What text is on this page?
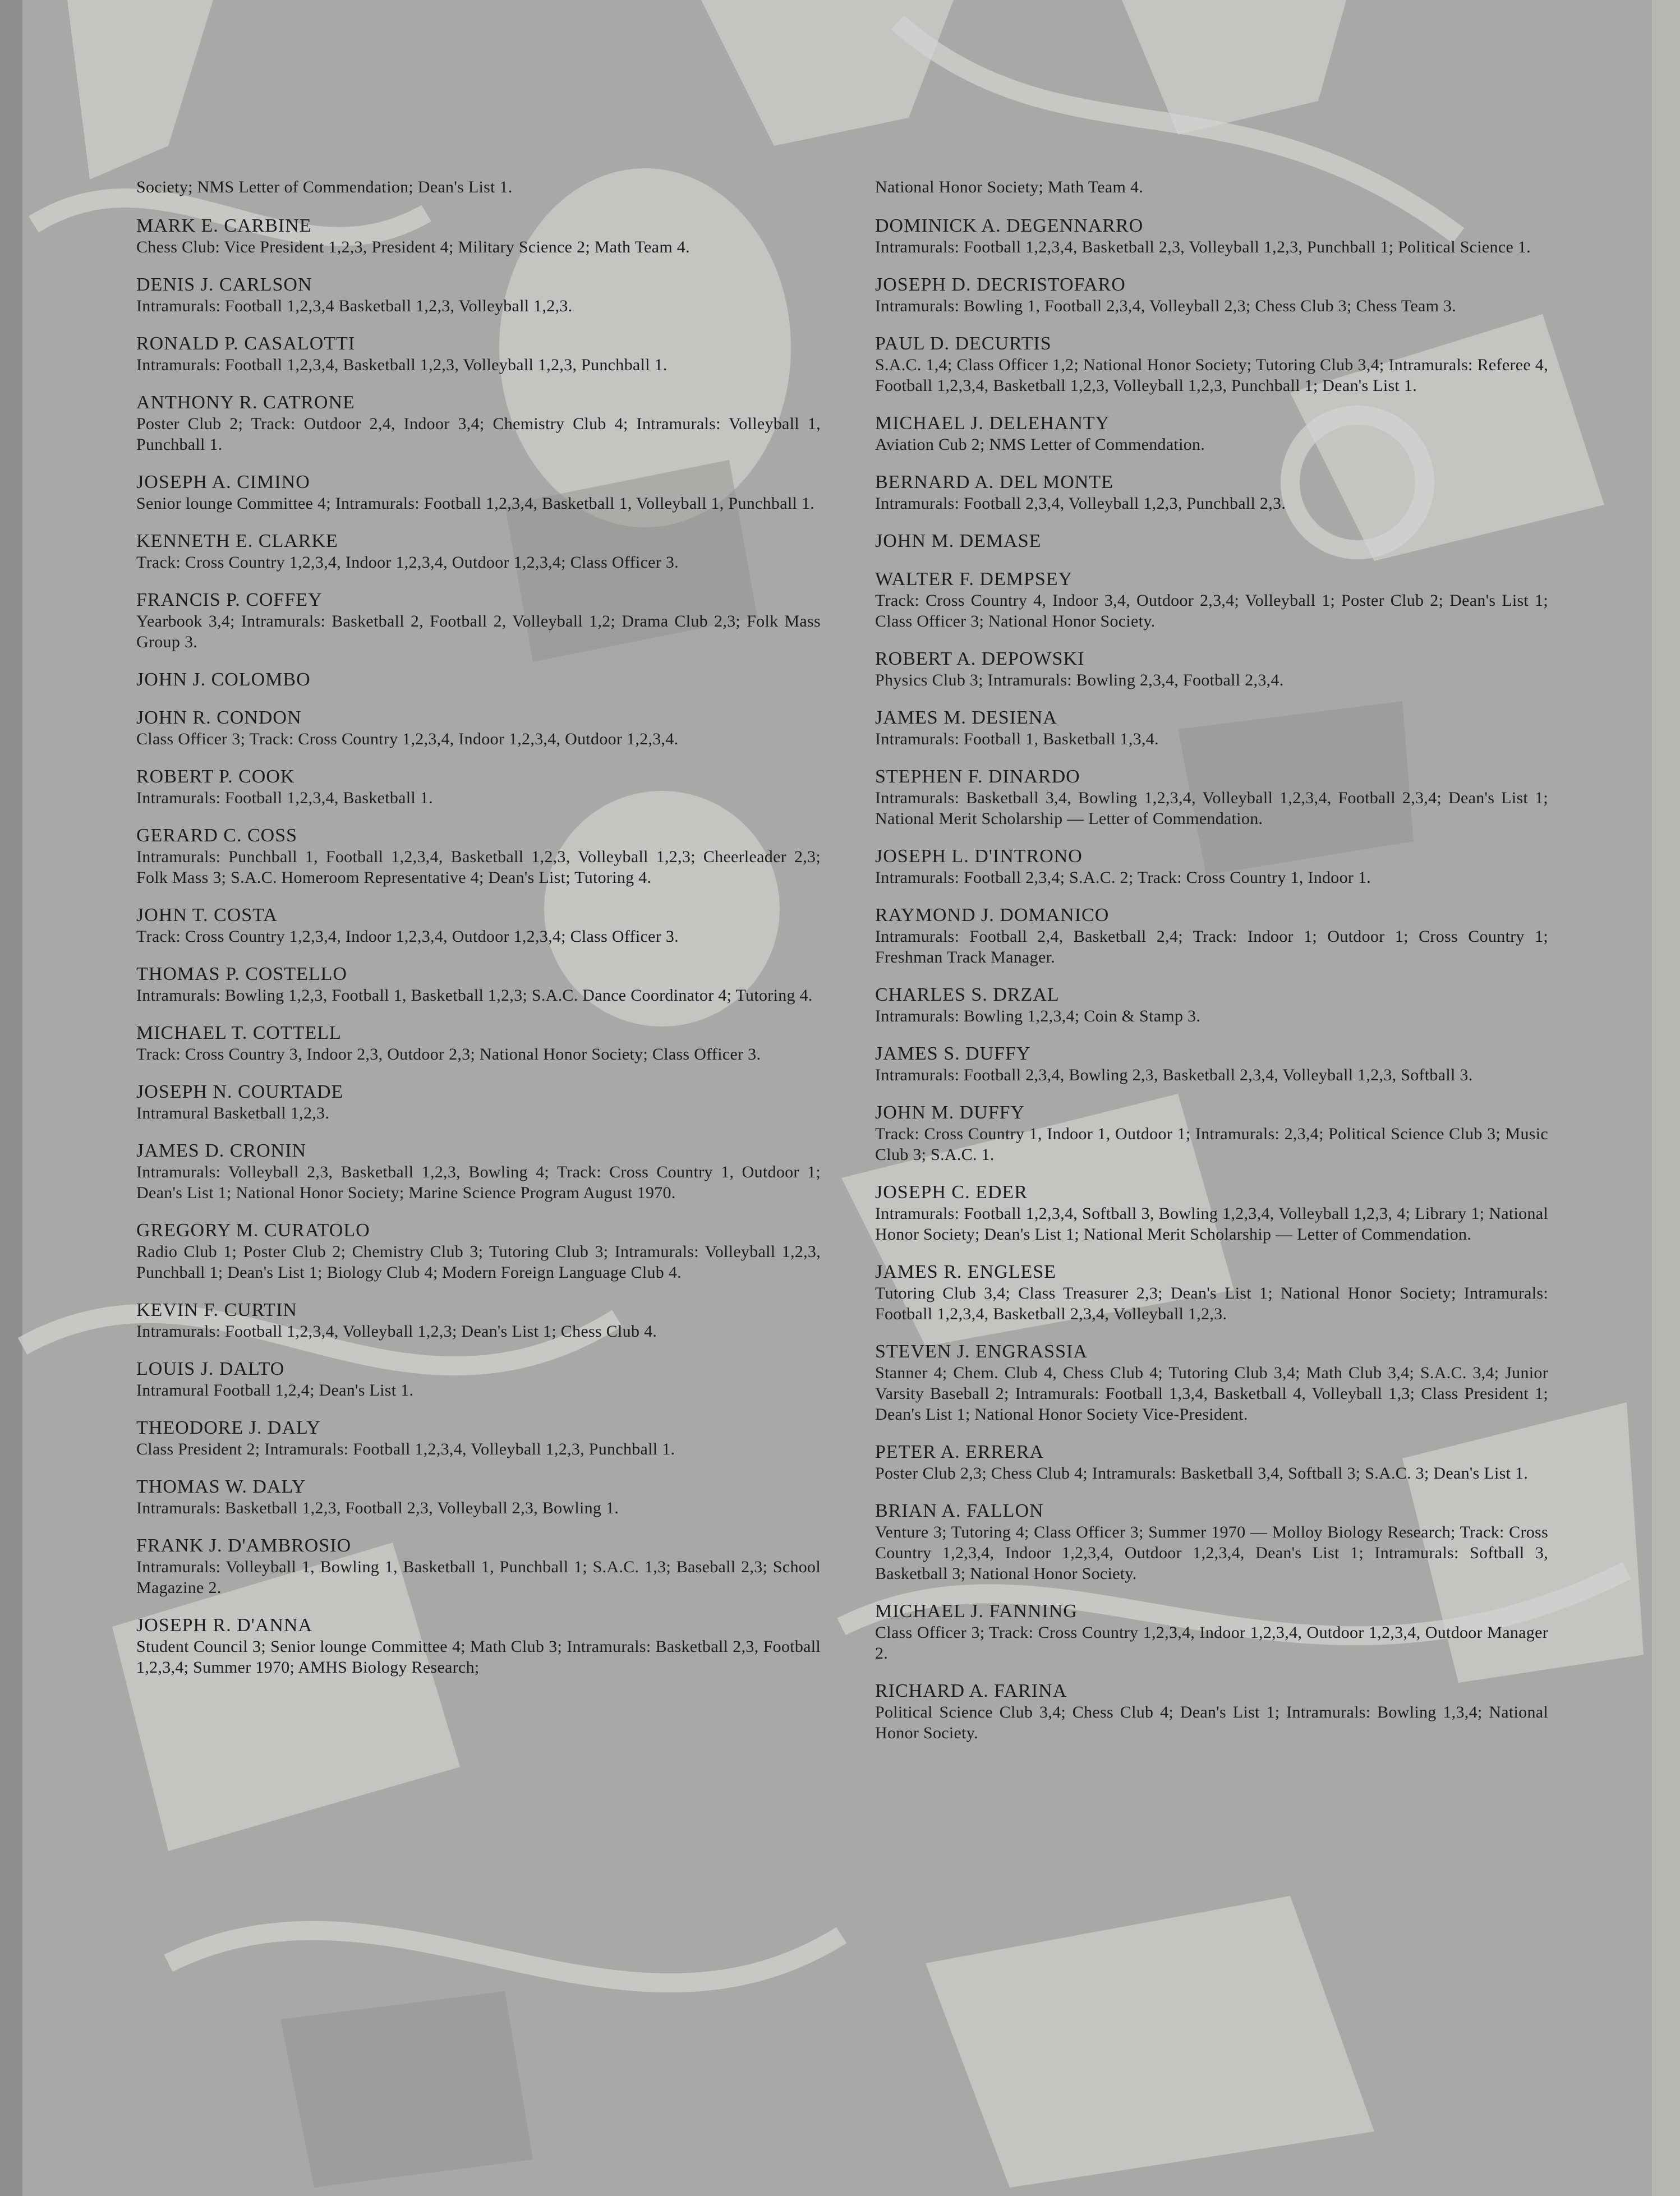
Society; NMS Letter of Commendation; Dean's List 1.
MARK E. CARBINE
Chess Club: Vice President 1,2,3, President 4; Military Science 2; Math Team 4.
DENIS J. CARLSON
Intramurals: Football 1,2,3,4 Basketball 1,2,3, Volleyball 1,2,3.
RONALD P. CASALOTTI
Intramurals: Football 1,2,3,4, Basketball 1,2,3, Volleyball 1,2,3, Punchball 1.
ANTHONY R. CATRONE
Poster Club 2; Track: Outdoor 2,4, Indoor 3,4; Chemistry Club 4; Intramurals: Volleyball 1, Punchball 1.
JOSEPH A. CIMINO
Senior lounge Committee 4; Intramurals: Football 1,2,3,4, Basketball 1, Volleyball 1, Punchball 1.
KENNETH E. CLARKE
Track: Cross Country 1,2,3,4, Indoor 1,2,3,4, Outdoor 1,2,3,4; Class Officer 3.
FRANCIS P. COFFEY
Yearbook 3,4; Intramurals: Basketball 2, Football 2, Volleyball 1,2; Drama Club 2,3; Folk Mass Group 3.
JOHN J. COLOMBO
JOHN R. CONDON
Class Officer 3; Track: Cross Country 1,2,3,4, Indoor 1,2,3,4, Outdoor 1,2,3,4.
ROBERT P. COOK
Intramurals: Football 1,2,3,4, Basketball 1.
GERARD C. COSS
Intramurals: Punchball 1, Football 1,2,3,4, Basketball 1,2,3, Volleyball 1,2,3; Cheerleader 2,3; Folk Mass 3; S.A.C. Homeroom Representative 4; Dean's List; Tutoring 4.
JOHN T. COSTA
Track: Cross Country 1,2,3,4, Indoor 1,2,3,4, Outdoor 1,2,3,4; Class Officer 3.
THOMAS P. COSTELLO
Intramurals: Bowling 1,2,3, Football 1, Basketball 1,2,3; S.A.C. Dance Coordinator 4; Tutoring 4.
MICHAEL T. COTTELL
Track: Cross Country 3, Indoor 2,3, Outdoor 2,3; National Honor Society; Class Officer 3.
JOSEPH N. COURTADE
Intramural Basketball 1,2,3.
JAMES D. CRONIN
Intramurals: Volleyball 2,3, Basketball 1,2,3, Bowling 4; Track: Cross Country 1, Outdoor 1; Dean's List 1; National Honor Society; Marine Science Program August 1970.
GREGORY M. CURATOLO
Radio Club 1; Poster Club 2; Chemistry Club 3; Tutoring Club 3; Intramurals: Volleyball 1,2,3, Punchball 1; Dean's List 1; Biology Club 4; Modern Foreign Language Club 4.
KEVIN F. CURTIN
Intramurals: Football 1,2,3,4, Volleyball 1,2,3; Dean's List 1; Chess Club 4.
LOUIS J. DALTO
Intramural Football 1,2,4; Dean's List 1.
THEODORE J. DALY
Class President 2; Intramurals: Football 1,2,3,4, Volleyball 1,2,3, Punchball 1.
THOMAS W. DALY
Intramurals: Basketball 1,2,3, Football 2,3, Volleyball 2,3, Bowling 1.
FRANK J. D'AMBROSIO
Intramurals: Volleyball 1, Bowling 1, Basketball 1, Punchball 1; S.A.C. 1,3; Baseball 2,3; School Magazine 2.
JOSEPH R. D'ANNA
Student Council 3; Senior lounge Committee 4; Math Club 3; Intramurals: Basketball 2,3, Football 1,2,3,4; Summer 1970; AMHS Biology Research;
National Honor Society; Math Team 4.
DOMINICK A. DEGENNARRO
Intramurals: Football 1,2,3,4, Basketball 2,3, Volleyball 1,2,3, Punchball 1; Political Science 1.
JOSEPH D. DECRISTOFARO
Intramurals: Bowling 1, Football 2,3,4, Volleyball 2,3; Chess Club 3; Chess Team 3.
PAUL D. DECURTIS
S.A.C. 1,4; Class Officer 1,2; National Honor Society; Tutoring Club 3,4; Intramurals: Referee 4, Football 1,2,3,4, Basketball 1,2,3, Volleyball 1,2,3, Punchball 1; Dean's List 1.
MICHAEL J. DELEHANTY
Aviation Cub 2; NMS Letter of Commendation.
BERNARD A. DEL MONTE
Intramurals: Football 2,3,4, Volleyball 1,2,3, Punchball 2,3.
JOHN M. DEMASE
WALTER F. DEMPSEY
Track: Cross Country 4, Indoor 3,4, Outdoor 2,3,4; Volleyball 1; Poster Club 2; Dean's List 1; Class Officer 3; National Honor Society.
ROBERT A. DEPOWSKI
Physics Club 3; Intramurals: Bowling 2,3,4, Football 2,3,4.
JAMES M. DESIENA
Intramurals: Football 1, Basketball 1,3,4.
STEPHEN F. DINARDO
Intramurals: Basketball 3,4, Bowling 1,2,3,4, Volleyball 1,2,3,4, Football 2,3,4; Dean's List 1; National Merit Scholarship — Letter of Commendation.
JOSEPH L. D'INTRONO
Intramurals: Football 2,3,4; S.A.C. 2; Track: Cross Country 1, Indoor 1.
RAYMOND J. DOMANICO
Intramurals: Football 2,4, Basketball 2,4; Track: Indoor 1; Outdoor 1; Cross Country 1; Freshman Track Manager.
CHARLES S. DRZAL
Intramurals: Bowling 1,2,3,4; Coin & Stamp 3.
JAMES S. DUFFY
Intramurals: Football 2,3,4, Bowling 2,3, Basketball 2,3,4, Volleyball 1,2,3, Softball 3.
JOHN M. DUFFY
Track: Cross Country 1, Indoor 1, Outdoor 1; Intramurals: 2,3,4; Political Science Club 3; Music Club 3; S.A.C. 1.
JOSEPH C. EDER
Intramurals: Football 1,2,3,4, Softball 3, Bowling 1,2,3,4, Volleyball 1,2,3, 4; Library 1; National Honor Society; Dean's List 1; National Merit Scholarship — Letter of Commendation.
JAMES R. ENGLESE
Tutoring Club 3,4; Class Treasurer 2,3; Dean's List 1; National Honor Society; Intramurals: Football 1,2,3,4, Basketball 2,3,4, Volleyball 1,2,3.
STEVEN J. ENGRASSIA
Stanner 4; Chem. Club 4, Chess Club 4; Tutoring Club 3,4; Math Club 3,4; S.A.C. 3,4; Junior Varsity Baseball 2; Intramurals: Football 1,3,4, Basketball 4, Volleyball 1,3; Class President 1; Dean's List 1; National Honor Society Vice-President.
PETER A. ERRERA
Poster Club 2,3; Chess Club 4; Intramurals: Basketball 3,4, Softball 3; S.A.C. 3; Dean's List 1.
BRIAN A. FALLON
Venture 3; Tutoring 4; Class Officer 3; Summer 1970 — Molloy Biology Research; Track: Cross Country 1,2,3,4, Indoor 1,2,3,4, Outdoor 1,2,3,4, Dean's List 1; Intramurals: Softball 3, Basketball 3; National Honor Society.
MICHAEL J. FANNING
Class Officer 3; Track: Cross Country 1,2,3,4, Indoor 1,2,3,4, Outdoor 1,2,3,4, Outdoor Manager 2.
RICHARD A. FARINA
Political Science Club 3,4; Chess Club 4; Dean's List 1; Intramurals: Bowling 1,3,4; National Honor Society.
